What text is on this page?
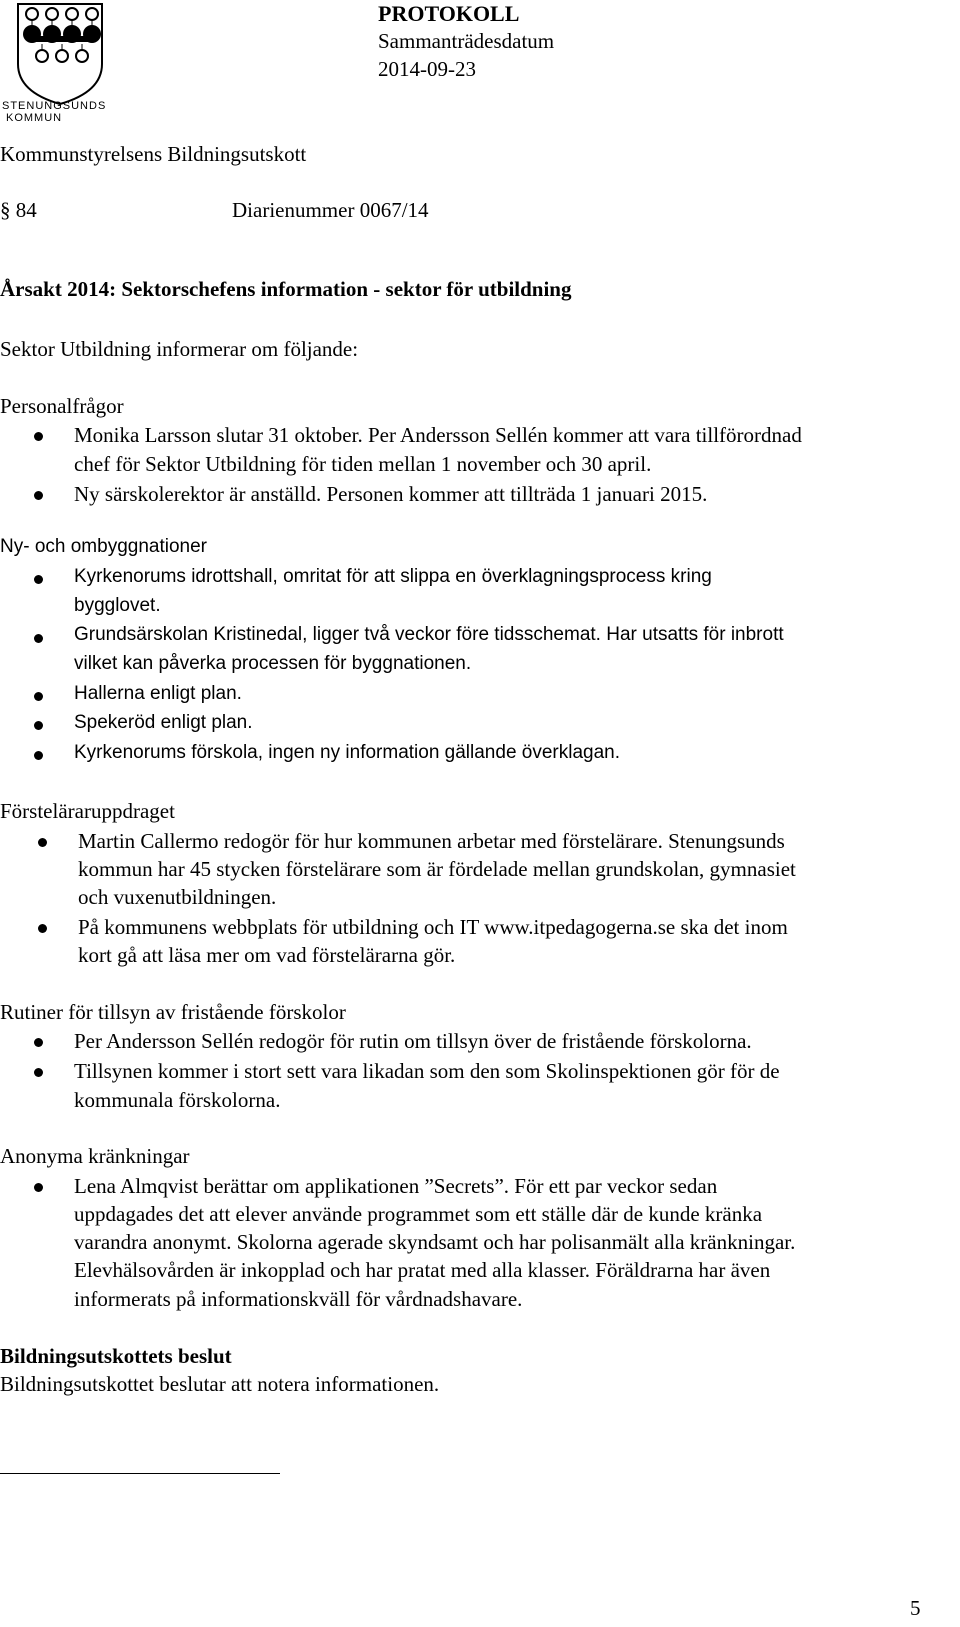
STENUNGSUNDS
KOMMUN
PROTOKOLL
Sammanträdesdatum
2014-09-23
Kommunstyrelsens Bildningsutskott
§ 84	Diarienummer 0067/14
Årsakt 2014: Sektorschefens information - sektor för utbildning
Sektor Utbildning informerar om följande:
Personalfrågor
Monika Larsson slutar 31 oktober. Per Andersson Sellén kommer att vara tillförordnad
chef för Sektor Utbildning för tiden mellan 1 november och 30 april.
Ny särskolerektor är anställd. Personen kommer att tillträda 1 januari 2015.
Ny- och ombyggnationer
Kyrkenorums idrottshall, omritat för att slippa en överklagningsprocess kring
bygglovet.
Grundsärskolan Kristinedal, ligger två veckor före tidsschemat. Har utsatts för inbrott
vilket kan påverka processen för byggnationen.
Hallerna enligt plan.
Spekeröd enligt plan.
Kyrkenorums förskola, ingen ny information gällande överklagan.
Förstelärаruppdraget
Martin Callermo redogör för hur kommunen arbetar med förstelärare. Stenungsunds
kommun har 45 stycken förstelärare som är fördelade mellan grundskolan, gymnasiet
och vuxenutbildningen.
På kommunens webbplats för utbildning och IT www.itpedagogerna.se ska det inom
kort gå att läsa mer om vad förstelärarna gör.
Rutiner för tillsyn av fristående förskolor
Per Andersson Sellén redogör för rutin om tillsyn över de fristående förskolorna.
Tillsynen kommer i stort sett vara likadan som den som Skolinspektionen gör för de
kommunala förskolorna.
Anonyma kränkningar
Lena Almqvist berättar om applikationen ”Secrets”. För ett par veckor sedan
uppdagades det att elever använde programmet som ett ställe där de kunde kränka
varandra anonymt. Skolorna agerade skyndsamt och har polisanmält alla kränkningar.
Elevhälsovården är inkopplad och har pratat med alla klasser. Föräldrarna har även
informerats på informationskväll för vårdnadshavare.
Bildningsutskottets beslut
Bildningsutskottet beslutar att notera informationen.
5
